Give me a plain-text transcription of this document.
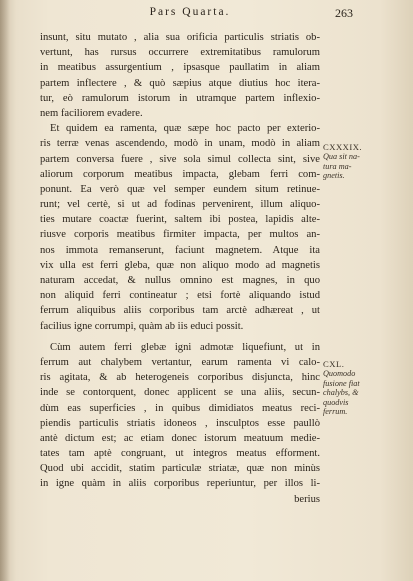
Pars Quarta.	263
insunt, situ mutato , alia sua orificia particulis striatis ob-
vertunt, has rursus occurrere extremitatibus ramulorum
in meatibus assurgentium , ipsasque paullatim in aliam
partem inflectere , & quò sæpius atque diutius hoc itera-
tur, eò ramulorum istorum in utramque partem inflexio-
nem faciliorem evadere.
Et quidem ea ramenta, quæ sæpe hoc pacto per exterio-
ris terræ venas ascendendo, modò in unam, modò in aliam
partem conversa fuere , sive sola simul collecta sint, sive
aliorum corporum meatibus impacta, glebam ferri com-
ponunt. Ea verò quæ vel semper eundem situm retinue-
runt; vel certè, si ut ad fodinas pervenirent, illum aliquo-
ties mutare coactæ fuerint, saltem ibi postea, lapidis alte-
riusve corporis meatibus firmiter impacta, per multos an-
nos immota remanserunt, faciunt magnetem. Atque ita
vix ulla est ferri gleba, quæ non aliquo modo ad magnetis
naturam accedat, & nullus omnino est magnes, in quo
non aliquid ferri contineatur ; etsi fortè aliquando istud
ferrum aliquibus aliis corporibus tam arctè adhæreat , ut
facilius igne corrumpi, quàm ab iis educi possit.
Cùm autem ferri glebæ igni admotæ liquefiunt, ut in
ferrum aut chalybem vertantur, earum ramenta vi calo-
ris agitata, & ab heterogeneis corporibus disjuncta, hinc
inde se contorquent, donec applicent se una aliis, secun-
dùm eas superficies , in quibus dimidiatos meatus reci-
piendis particulis striatis idoneos , insculptos esse paullò
antè dictum est; ac etiam donec istorum meatuum medie-
tates tam aptè congruant, ut integros meatus efforment.
Quod ubi accidit, statim particulæ striatæ, quæ non minùs
in igne quàm in aliis corporibus reperiuntur, per illos li-
berius
CXXXIX.
Qua sit na-
tura ma-
gnetis.
CXL.
Quomodo
fusione fiat
chalybs, &
quodvis
ferrum.
